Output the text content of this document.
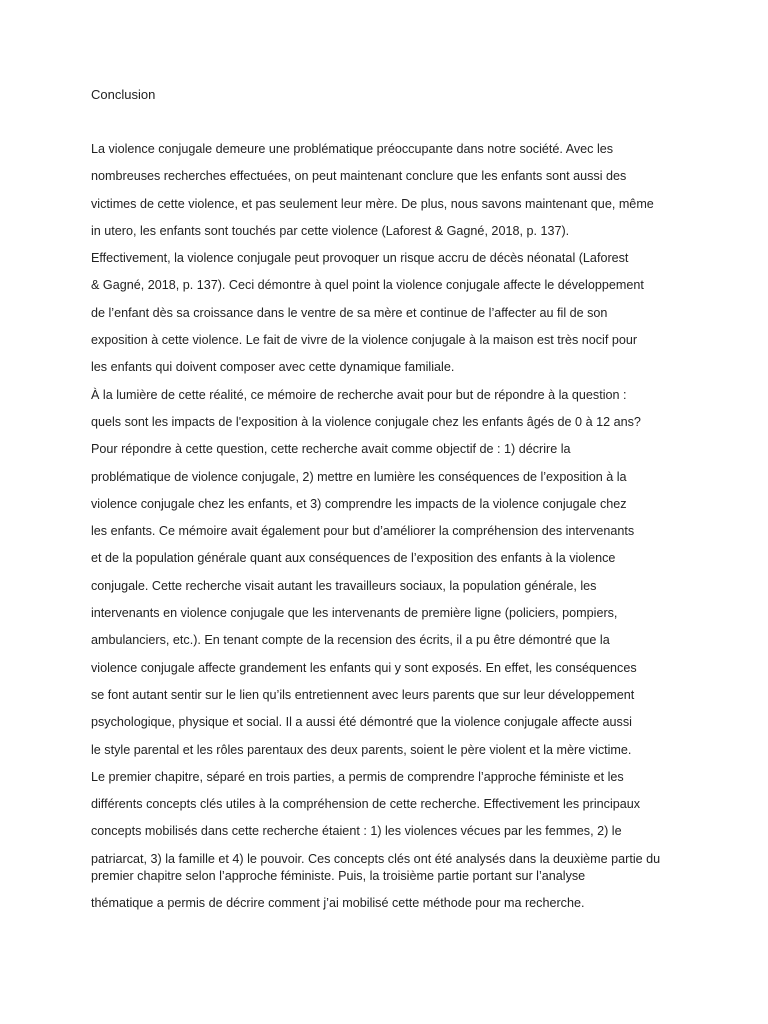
Conclusion
La violence conjugale demeure une problématique préoccupante dans notre société. Avec les
nombreuses recherches effectuées, on peut maintenant conclure que les enfants sont aussi des
victimes de cette violence, et pas seulement leur mère. De plus, nous savons maintenant que, même
in utero, les enfants sont touchés par cette violence (Laforest & Gagné, 2018, p. 137).
Effectivement, la violence conjugale peut provoquer un risque accru de décès néonatal (Laforest
& Gagné, 2018, p. 137). Ceci démontre à quel point la violence conjugale affecte le développement
de l’enfant dès sa croissance dans le ventre de sa mère et continue de l’affecter au fil de son
exposition à cette violence. Le fait de vivre de la violence conjugale à la maison est très nocif pour
les enfants qui doivent composer avec cette dynamique familiale.
À la lumière de cette réalité, ce mémoire de recherche avait pour but de répondre à la question :
quels sont les impacts de l'exposition à la violence conjugale chez les enfants âgés de 0 à 12 ans?
Pour répondre à cette question, cette recherche avait comme objectif de : 1) décrire la
problématique de violence conjugale, 2) mettre en lumière les conséquences de l’exposition à la
violence conjugale chez les enfants, et 3) comprendre les impacts de la violence conjugale chez
les enfants. Ce mémoire avait également pour but d’améliorer la compréhension des intervenants
et de la population générale quant aux conséquences de l’exposition des enfants à la violence
conjugale. Cette recherche visait autant les travailleurs sociaux, la population générale, les
intervenants en violence conjugale que les intervenants de première ligne (policiers, pompiers,
ambulanciers, etc.). En tenant compte de la recension des écrits, il a pu être démontré que la
violence conjugale affecte grandement les enfants qui y sont exposés. En effet, les conséquences
se font autant sentir sur le lien qu’ils entretiennent avec leurs parents que sur leur développement
psychologique, physique et social. Il a aussi été démontré que la violence conjugale affecte aussi
le style parental et les rôles parentaux des deux parents, soient le père violent et la mère victime.
Le premier chapitre, séparé en trois parties, a permis de comprendre l’approche féministe et les
différents concepts clés utiles à la compréhension de cette recherche. Effectivement les principaux
concepts mobilisés dans cette recherche étaient : 1) les violences vécues par les femmes, 2) le
patriarcat, 3) la famille et 4) le pouvoir. Ces concepts clés ont été analysés dans la deuxième partie du
premier chapitre selon l’approche féministe. Puis, la troisième partie portant sur l’analyse
thématique a permis de décrire comment j’ai mobilisé cette méthode pour ma recherche.
